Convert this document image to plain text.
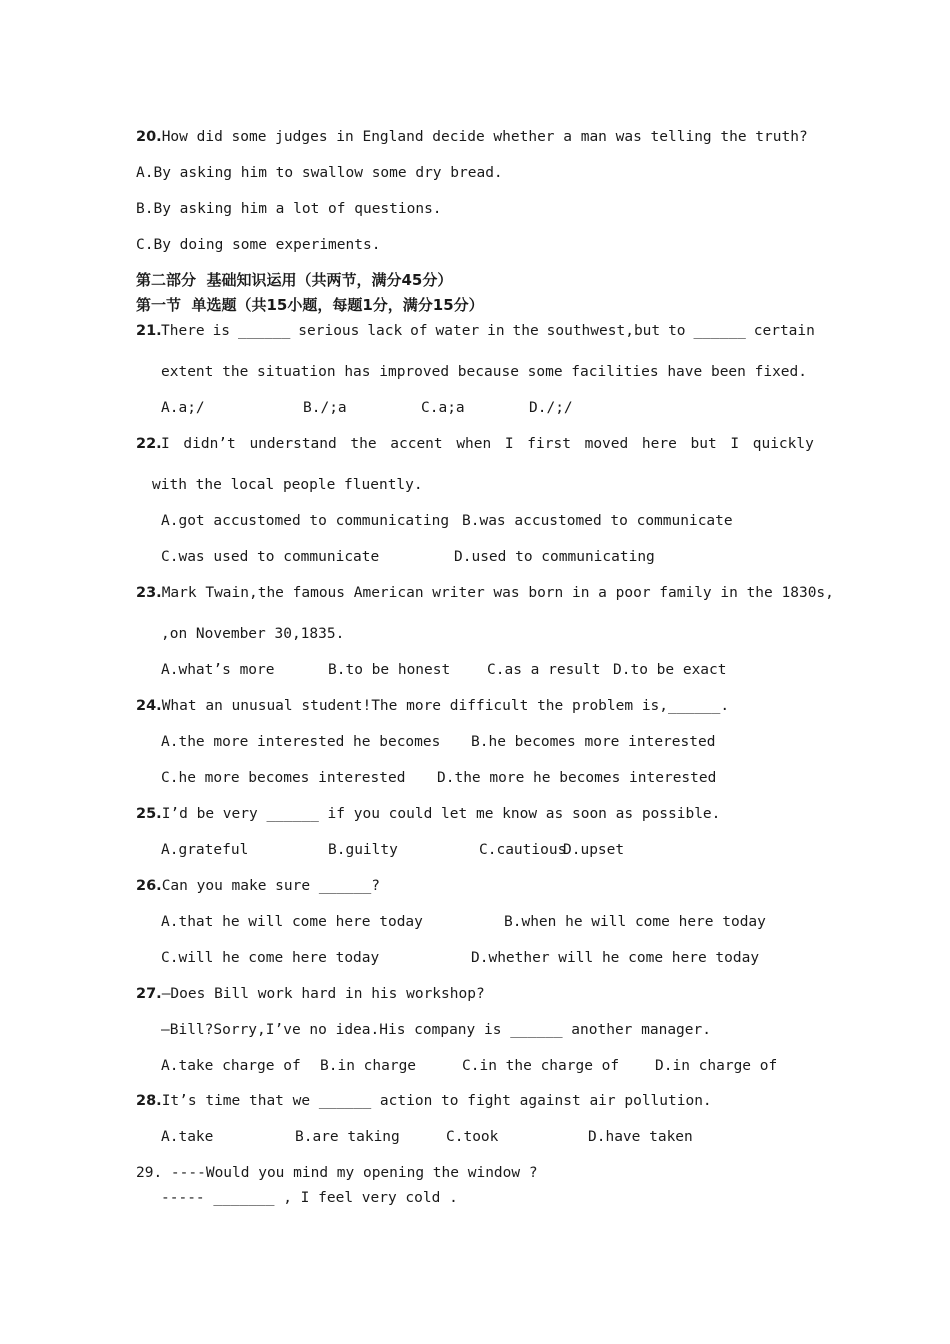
20.How did some judges in England decide whether a man was telling the truth?
A.By asking him to swallow some dry bread.
B.By asking him a lot of questions.
C.By doing some experiments.
第二部分  基础知识运用（共两节，满分45分）
第一节  单选题（共15小题，每题1分，满分15分）
21. There is ______ serious lack of water in the southwest,but to ______ certain
extent the situation has improved because some facilities have been fixed.
A.a;/	B./;a	C.a;a	D./;/
22. I didn’t understand the accent when I first moved here but I quickly
with the local people fluently.
A.got accustomed to communicating B.was accustomed to communicate
C.was used to communicate	D.used to communicating
23.Mark Twain,the famous American writer was born in a poor family in the 1830s,
,on November 30,1835.
A.what’s more	B.to be honest	C.as a result D.to be exact
24.What an unusual student!The more difficult the problem is,______.
A.the more interested he becomes B.he becomes more interested
C.he more becomes interested D.the more he becomes interested
25.I’d be very ______ if you could let me know as soon as possible.
A.grateful	B.guilty	C.cautious
D.upset
26.Can you make sure ______?
A.that he will come here today	B.when he will come here today
C.will he come here today	D.whether will he come here today
27.—Does Bill work hard in his workshop?
—Bill?Sorry,I’ve no idea.His company is ______ another manager.
A.take charge of B.in charge	C.in the charge of D.in charge of
28.It’s time that we ______ action to fight against air pollution.
A.take	B.are taking	C.took	D.have taken
29. ----Would you mind my opening the window ?
----- _______ , I feel very cold .
